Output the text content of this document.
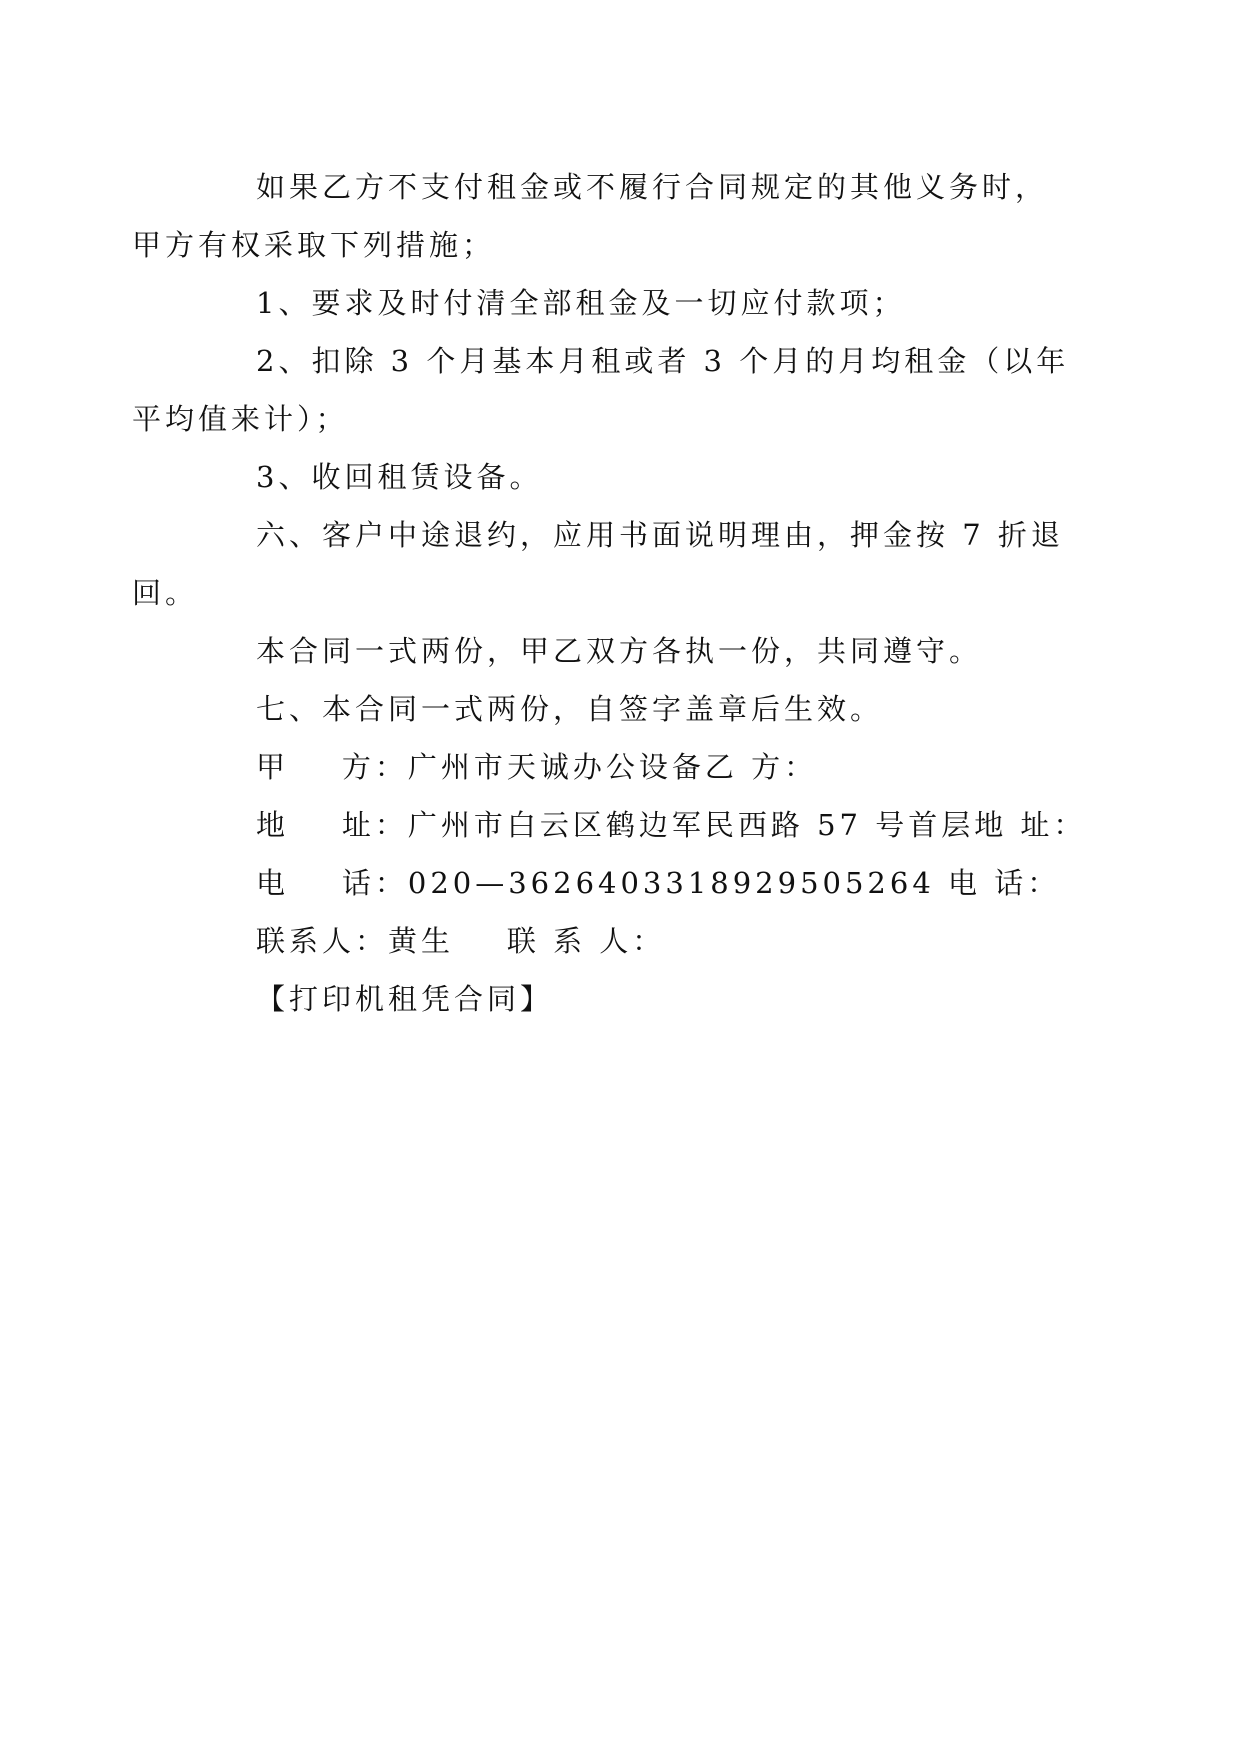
如果乙方不支付租金或不履行合同规定的其他义务时，
甲方有权采取下列措施；

1、要求及时付清全部租金及一切应付款项；

2、扣除 3 个月基本月租或者 3 个月的月均租金（以年
平均值来计）；

3、收回租赁设备。

六、客户中途退约，应用书面说明理由，押金按 7 折退
回。

本合同一式两份，甲乙双方各执一份，共同遵守。

七、本合同一式两份，自签字盖章后生效。

甲    方：广州市天诚办公设备乙 方：

地    址：广州市白云区鹤边军民西路 57 号首层地 址：

电    话：020—3626403318929505264 电 话：

联系人：黄生    联 系 人：

【打印机租凭合同】
